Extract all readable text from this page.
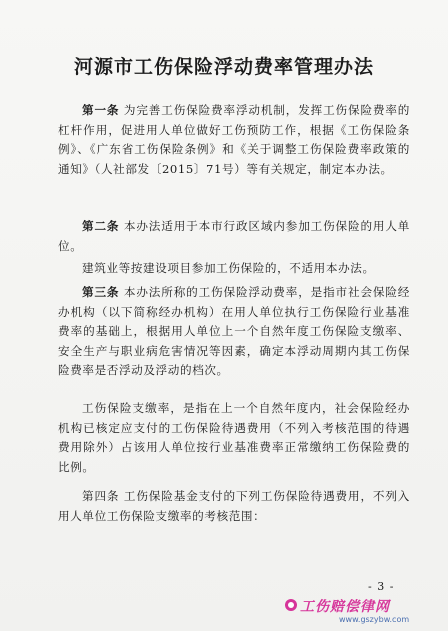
河源市工伤保险浮动费率管理办法

第一条 为完善工伤保险费率浮动机制，发挥工伤保险费率的杠杆作用，促进用人单位做好工伤预防工作，根据《工伤保险条例》、《广东省工伤保险条例》和《关于调整工伤保险费率政策的通知》（人社部发〔2015〕71号）等有关规定，制定本办法。

第二条 本办法适用于本市行政区域内参加工伤保险的用人单位。

建筑业等按建设项目参加工伤保险的，不适用本办法。

第三条 本办法所称的工伤保险浮动费率，是指市社会保险经办机构（以下简称经办机构）在用人单位执行工伤保险行业基准费率的基础上，根据用人单位上一个自然年度工伤保险支缴率、安全生产与职业病危害情况等因素，确定本浮动周期内其工伤保险费率是否浮动及浮动的档次。

工伤保险支缴率，是指在上一个自然年度内，社会保险经办机构已核定应支付的工伤保险待遇费用（不列入考核范围的待遇费用除外）占该用人单位按行业基准费率正常缴纳工伤保险费的比例。

第四条 工伤保险基金支付的下列工伤保险待遇费用，不列入用人单位工伤保险支缴率的考核范围：

- 3 -
工伤赔偿律网
www.gszybw.com
